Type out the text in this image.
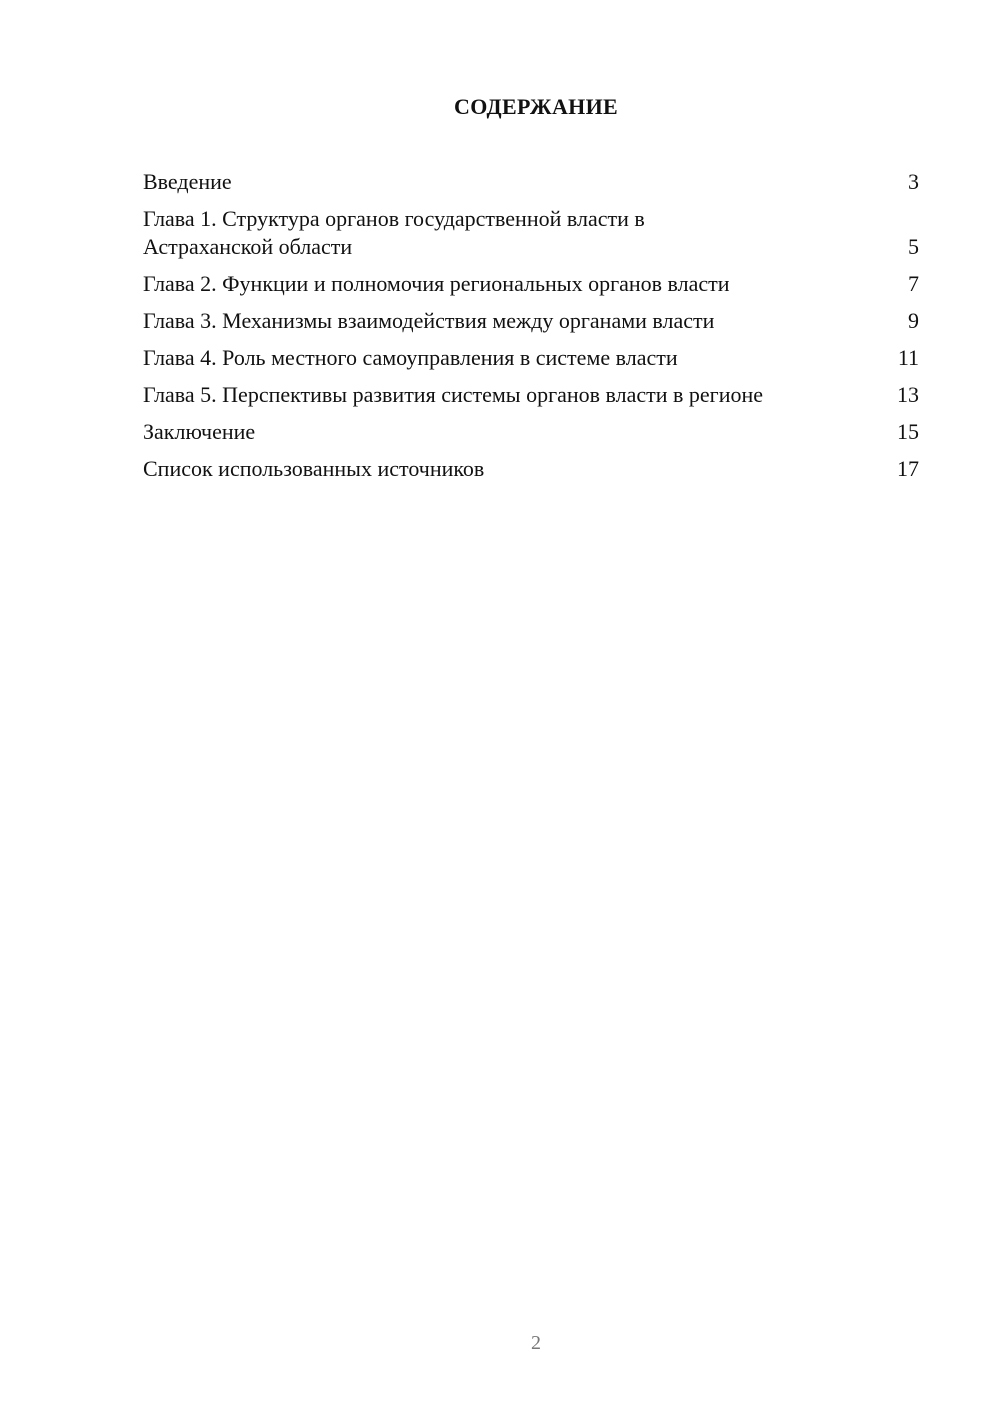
СОДЕРЖАНИЕ
Введение	3
Глава 1. Структура органов государственной власти в Астраханской области	5
Глава 2. Функции и полномочия региональных органов власти	7
Глава 3. Механизмы взаимодействия между органами власти	9
Глава 4. Роль местного самоуправления в системе власти	11
Глава 5. Перспективы развития системы органов власти в регионе	13
Заключение	15
Список использованных источников	17
2
